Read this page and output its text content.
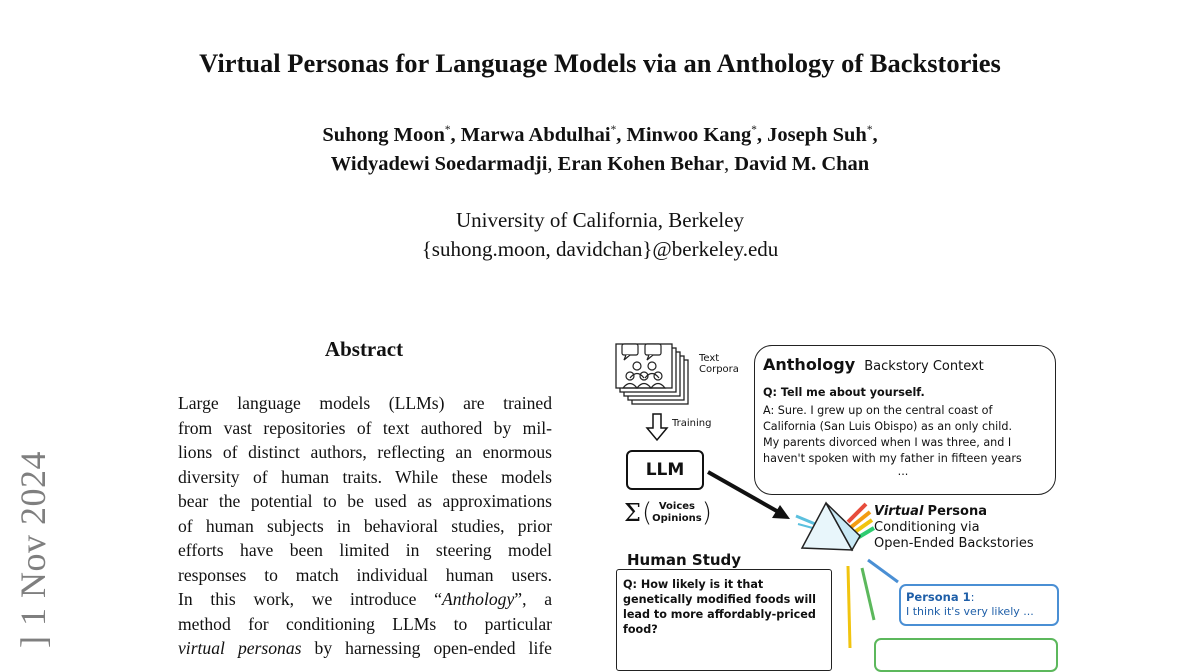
Virtual Personas for Language Models via an Anthology of Backstories
Suhong Moon*, Marwa Abdulhai*, Minwoo Kang*, Joseph Suh*,
Widyadewi Soedarmadji, Eran Kohen Behar, David M. Chan
University of California, Berkeley
{suhong.moon, davidchan}@berkeley.edu
] 1 Nov 2024
Abstract
Large language models (LLMs) are trained
from vast repositories of text authored by mil-
lions of distinct authors, reflecting an enormous
diversity of human traits. While these models
bear the potential to be used as approximations
of human subjects in behavioral studies, prior
efforts have been limited in steering model
responses to match individual human users.
In this work, we introduce “Anthology”, a
method for conditioning LLMs to particular
virtual personas by harnessing open-ended life
Text
Corpora
Training
LLM
Σ ( Voices
Opinions )
Anthology Backstory Context
Q: Tell me about yourself.
A: Sure. I grew up on the central coast of
California (San Luis Obispo) as an only child.
My parents divorced when I was three, and I
haven't spoken with my father in fifteen years
...
Virtual Persona
Conditioning via
Open-Ended Backstories
Human Study
Q: How likely is it that
genetically modified foods will
lead to more affordably-priced
food?
Persona 1:
I think it's very likely ...
